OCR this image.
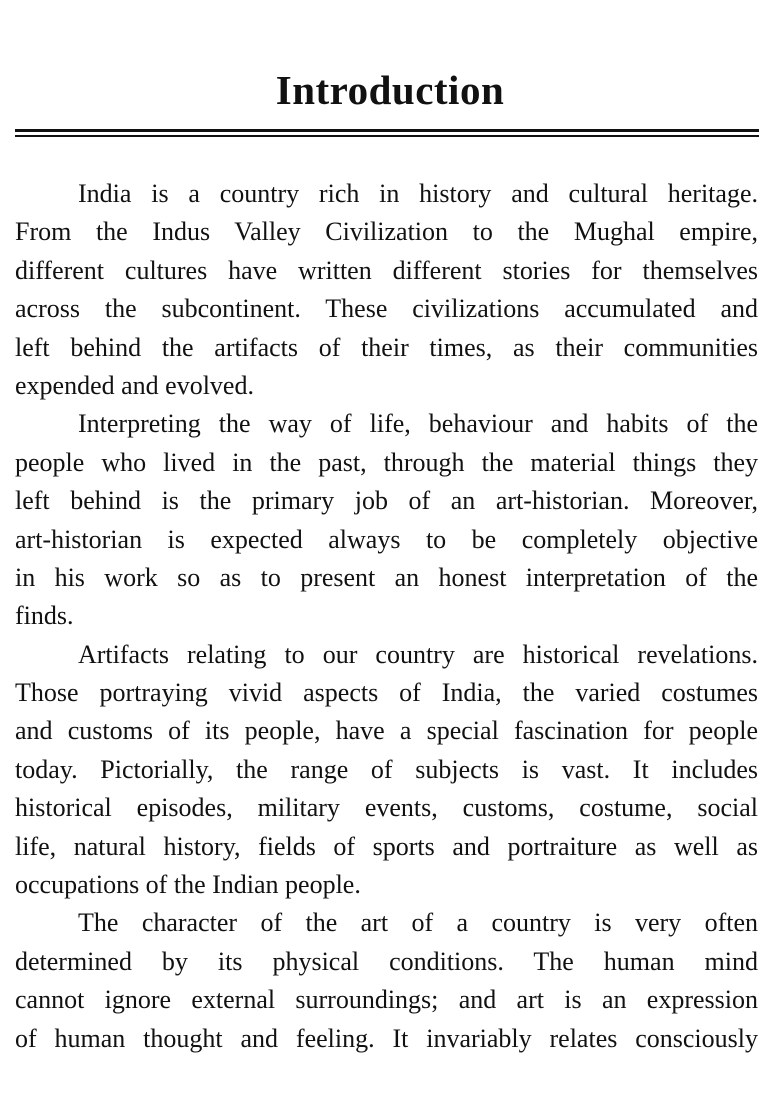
Introduction
India is a country rich in history and cultural heritage.
From the Indus Valley Civilization to the Mughal empire,
different cultures have written different stories for themselves
across the subcontinent. These civilizations accumulated and
left behind the artifacts of their times, as their communities
expended and evolved.
Interpreting the way of life, behaviour and habits of the
people who lived in the past, through the material things they
left behind is the primary job of an art-historian. Moreover,
art-historian is expected always to be completely objective
in his work so as to present an honest interpretation of the
finds.
Artifacts relating to our country are historical revelations.
Those portraying vivid aspects of India, the varied costumes
and customs of its people, have a special fascination for people
today. Pictorially, the range of subjects is vast. It includes
historical episodes, military events, customs, costume, social
life, natural history, fields of sports and portraiture as well as
occupations of the Indian people.
The character of the art of a country is very often
determined by its physical conditions. The human mind
cannot ignore external surroundings; and art is an expression
of human thought and feeling. It invariably relates consciously
